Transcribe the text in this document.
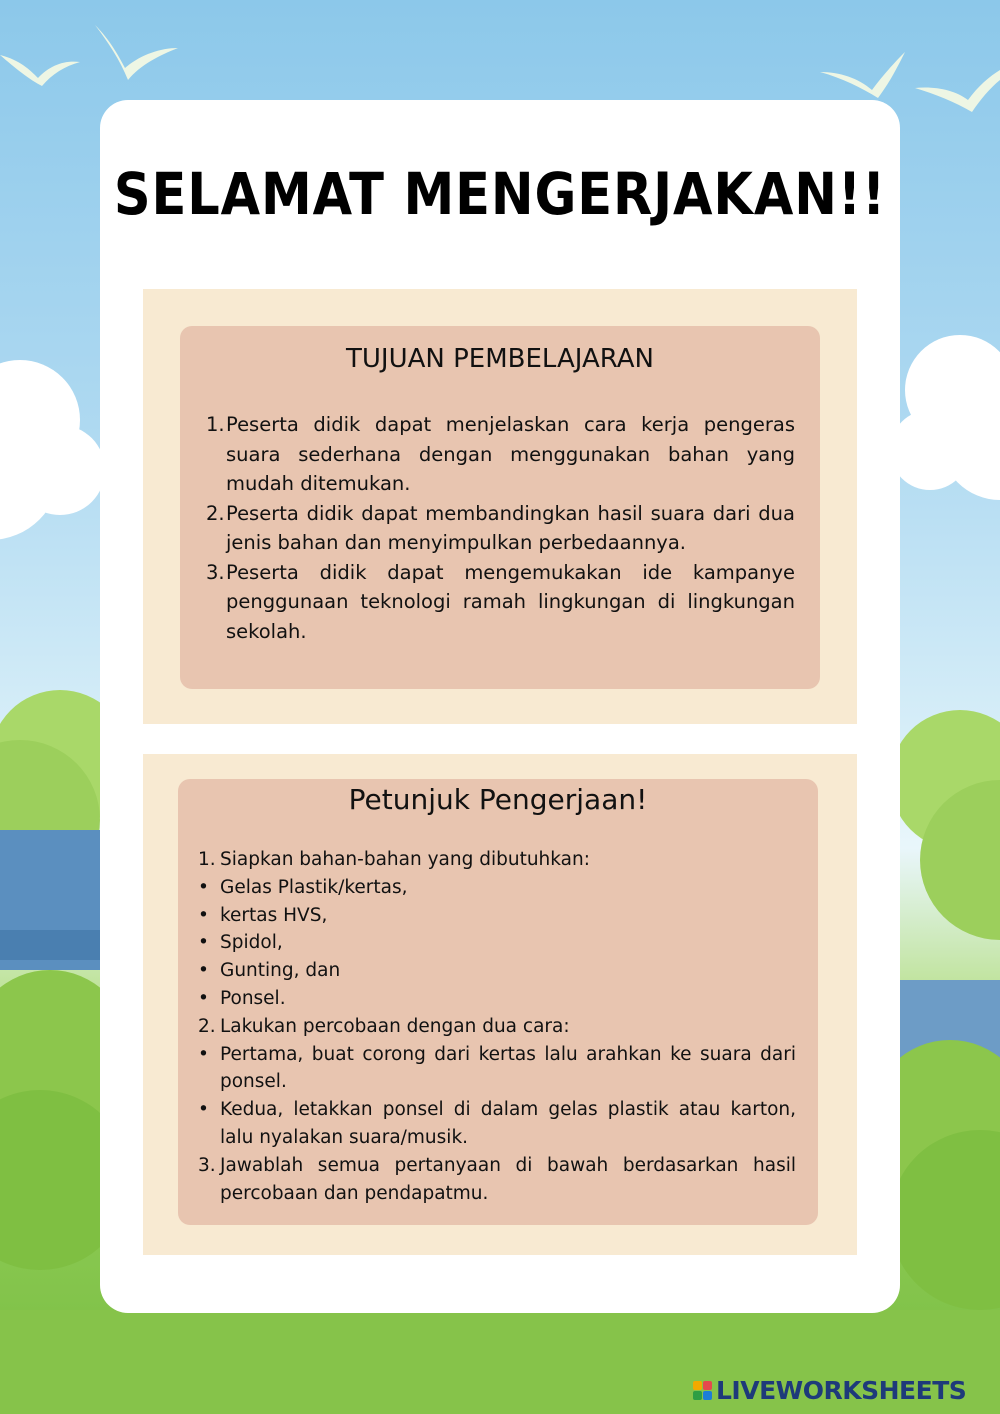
SELAMAT MENGERJAKAN!!
TUJUAN PEMBELAJARAN
1. Peserta didik dapat menjelaskan cara kerja pengeras suara sederhana dengan menggunakan bahan yang mudah ditemukan.
2. Peserta didik dapat membandingkan hasil suara dari dua jenis bahan dan menyimpulkan perbedaannya.
3. Peserta didik dapat mengemukakan ide kampanye penggunaan teknologi ramah lingkungan di lingkungan sekolah.
Petunjuk Pengerjaan!
1. Siapkan bahan-bahan yang dibutuhkan:
• Gelas Plastik/kertas,
• kertas HVS,
• Spidol,
• Gunting, dan
• Ponsel.
2. Lakukan percobaan dengan dua cara:
• Pertama, buat corong dari kertas lalu arahkan ke suara dari ponsel.
• Kedua, letakkan ponsel di dalam gelas plastik atau karton, lalu nyalakan suara/musik.
3. Jawablah semua pertanyaan di bawah berdasarkan hasil percobaan dan pendapatmu.
LIVEWORKSHEETS
